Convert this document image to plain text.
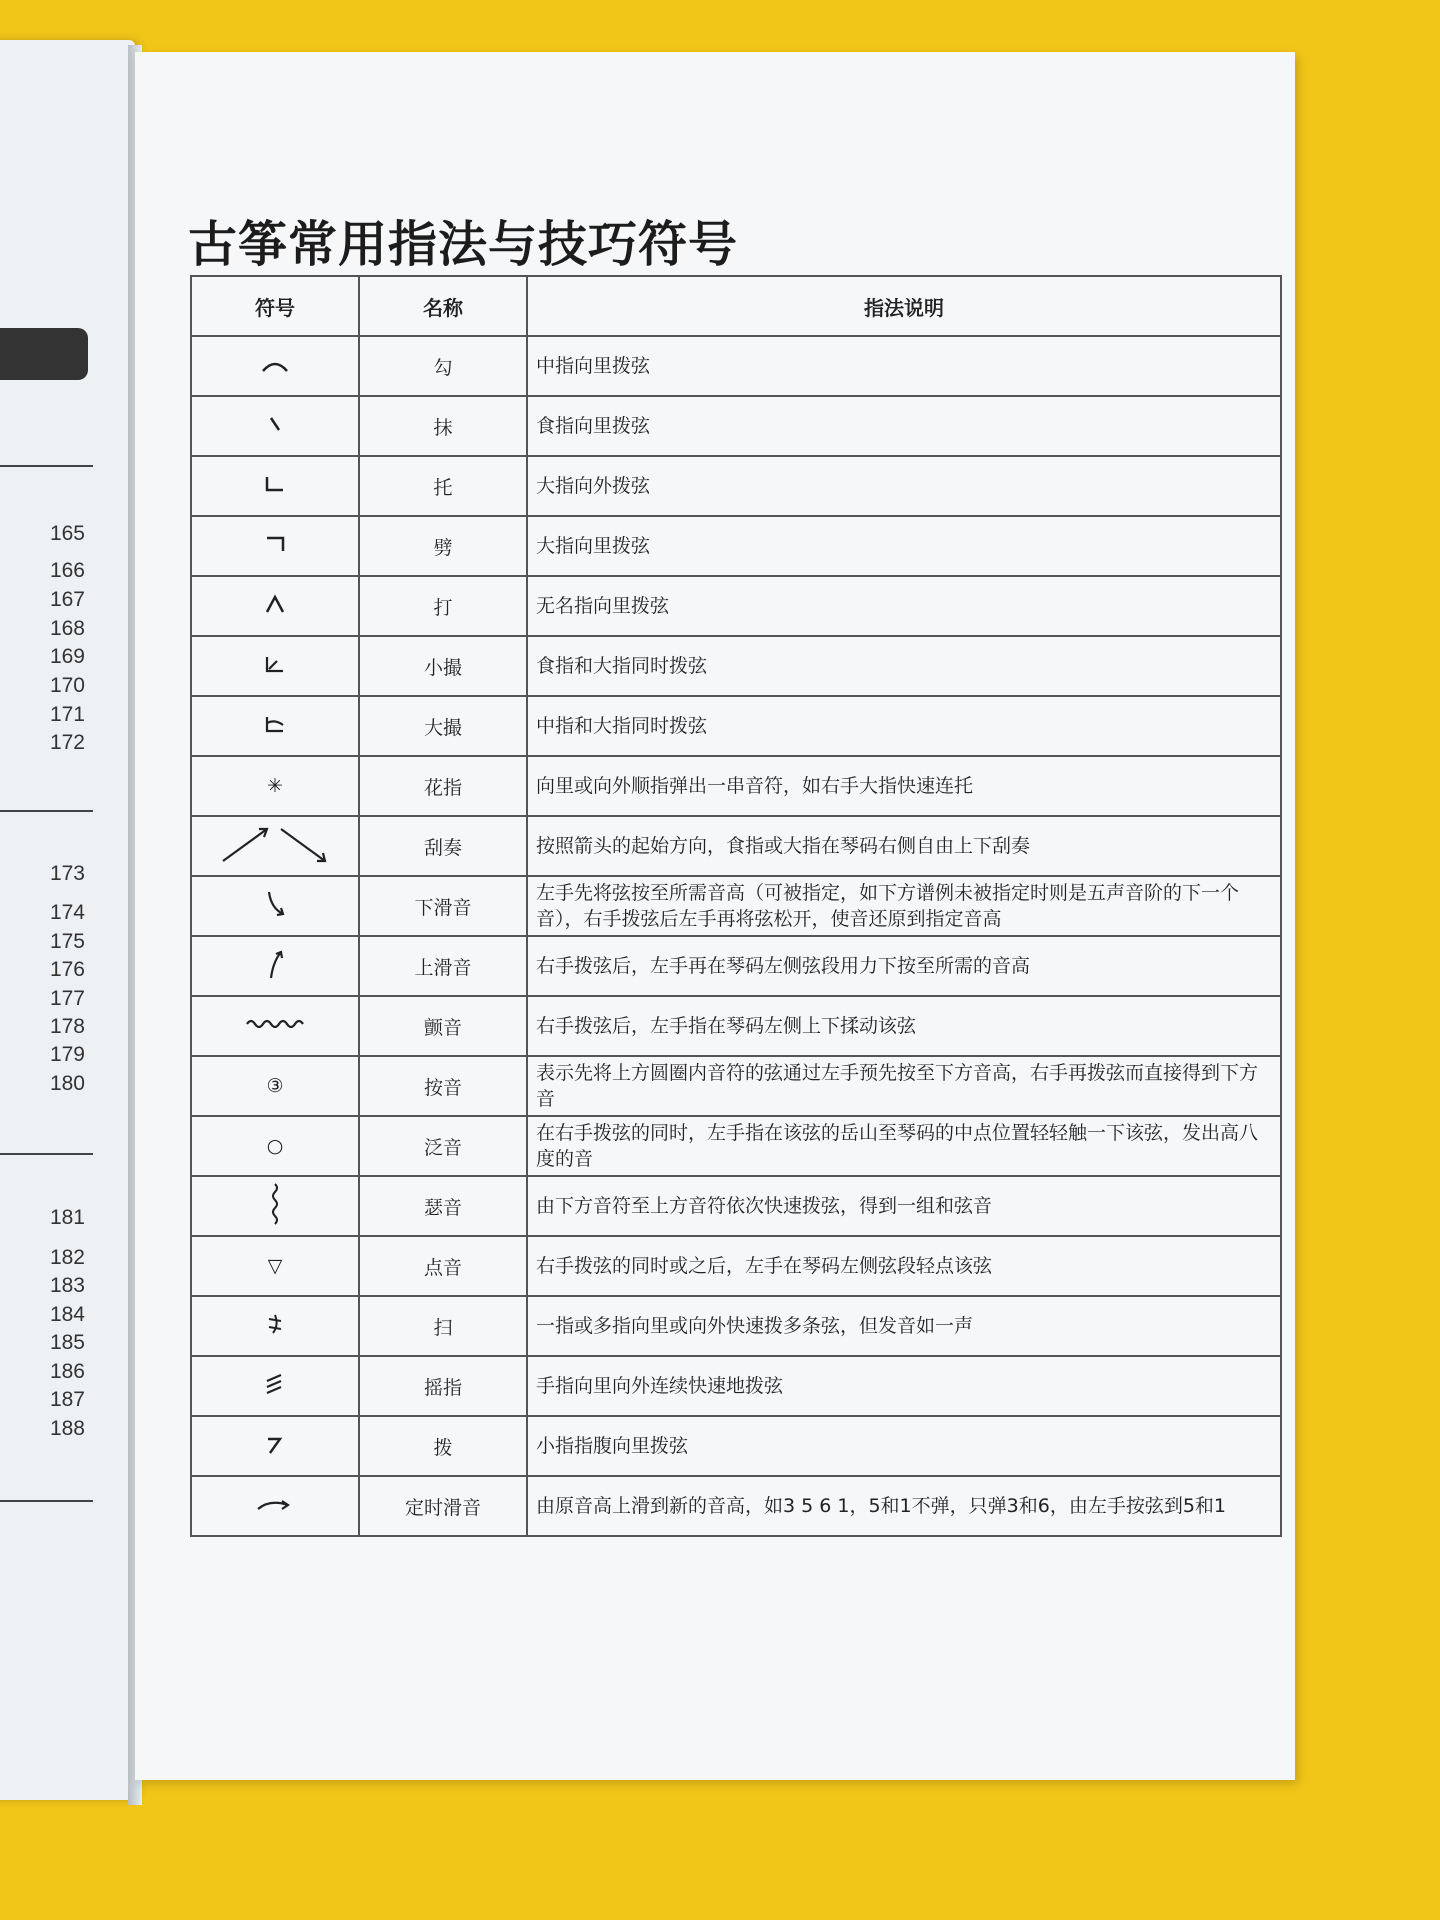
165
166
167
168
169
170
171
172
173
174
175
176
177
178
179
180
181
182
183
184
185
186
187
188
古筝常用指法与技巧符号
符号	名称	指法说明
	勾	中指向里拨弦
	抹	食指向里拨弦
	托	大指向外拨弦
	劈	大指向里拨弦
	打	无名指向里拨弦
	小撮	食指和大指同时拨弦
	大撮	中指和大指同时拨弦
✳	花指	向里或向外顺指弹出一串音符，如右手大指快速连托
	刮奏	按照箭头的起始方向，食指或大指在琴码右侧自由上下刮奏
	下滑音	左手先将弦按至所需音高（可被指定，如下方谱例未被指定时则是五声音阶的下一个音），右手拨弦后左手再将弦松开，使音还原到指定音高
	上滑音	右手拨弦后，左手再在琴码左侧弦段用力下按至所需的音高
	颤音	右手拨弦后，左手指在琴码左侧上下揉动该弦
③	按音	表示先将上方圆圈内音符的弦通过左手预先按至下方音高，右手再拨弦而直接得到下方音
○	泛音	在右手拨弦的同时，左手指在该弦的岳山至琴码的中点位置轻轻触一下该弦，发出高八度的音
	瑟音	由下方音符至上方音符依次快速拨弦，得到一组和弦音
▽	点音	右手拨弦的同时或之后，左手在琴码左侧弦段轻点该弦
	扫	一指或多指向里或向外快速拨多条弦，但发音如一声
	摇指	手指向里向外连续快速地拨弦
	拨	小指指腹向里拨弦
	定时滑音	由原音高上滑到新的音高，如3 5 6 1，5和1不弹，只弹3和6，由左手按弦到5和1
